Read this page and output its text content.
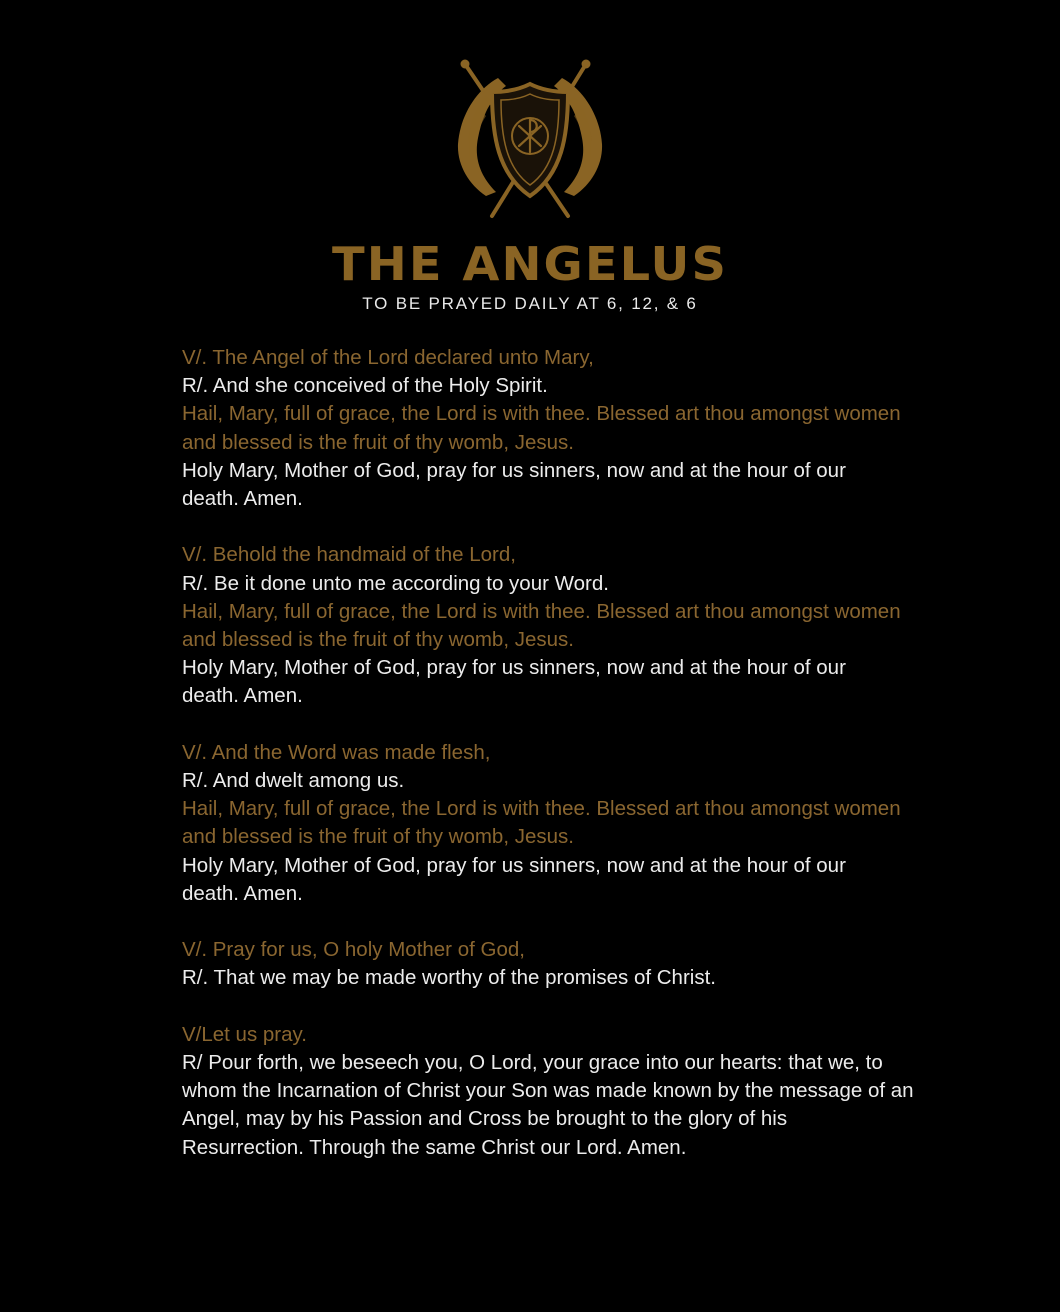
THE ANGELUS
TO BE PRAYED DAILY AT 6, 12, & 6
V/. The Angel of the Lord declared unto Mary,
R/. And she conceived of the Holy Spirit.
Hail, Mary, full of grace, the Lord is with thee. Blessed art thou amongst women
and blessed is the fruit of thy womb, Jesus.
Holy Mary, Mother of God, pray for us sinners, now and at the hour of our
death. Amen.
V/. Behold the handmaid of the Lord,
R/. Be it done unto me according to your Word.
Hail, Mary, full of grace, the Lord is with thee. Blessed art thou amongst women
and blessed is the fruit of thy womb, Jesus.
Holy Mary, Mother of God, pray for us sinners, now and at the hour of our
death. Amen.
V/. And the Word was made flesh,
R/. And dwelt among us.
Hail, Mary, full of grace, the Lord is with thee. Blessed art thou amongst women
and blessed is the fruit of thy womb, Jesus.
Holy Mary, Mother of God, pray for us sinners, now and at the hour of our
death. Amen.
V/. Pray for us, O holy Mother of God,
R/. That we may be made worthy of the promises of Christ.
V/Let us pray.
R/ Pour forth, we beseech you, O Lord, your grace into our hearts: that we, to
whom the Incarnation of Christ your Son was made known by the message of an
Angel, may by his Passion and Cross be brought to the glory of his
Resurrection. Through the same Christ our Lord. Amen.
